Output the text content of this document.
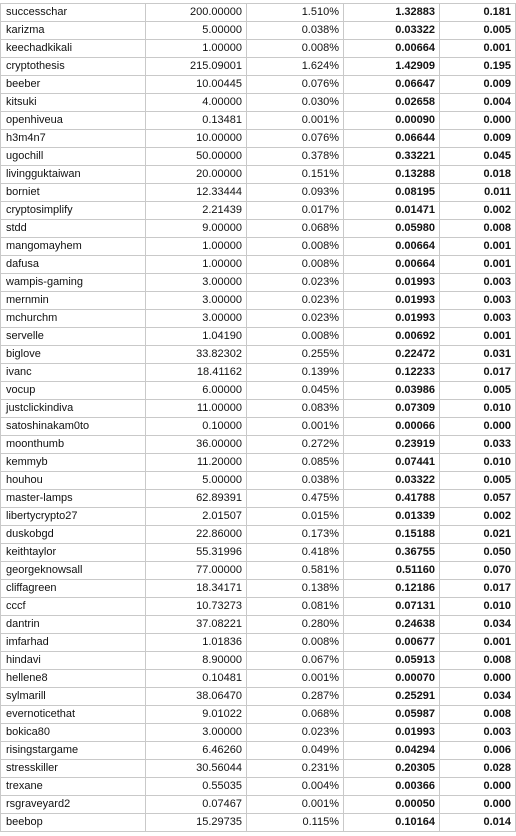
successchar	200.00000	1.510%	1.32883	0.181
karizma	5.00000	0.038%	0.03322	0.005
keechadkikali	1.00000	0.008%	0.00664	0.001
cryptothesis	215.09001	1.624%	1.42909	0.195
beeber	10.00445	0.076%	0.06647	0.009
kitsuki	4.00000	0.030%	0.02658	0.004
openhiveua	0.13481	0.001%	0.00090	0.000
h3m4n7	10.00000	0.076%	0.06644	0.009
ugochill	50.00000	0.378%	0.33221	0.045
livingguktaiwan	20.00000	0.151%	0.13288	0.018
borniet	12.33444	0.093%	0.08195	0.011
cryptosimplify	2.21439	0.017%	0.01471	0.002
stdd	9.00000	0.068%	0.05980	0.008
mangomayhem	1.00000	0.008%	0.00664	0.001
dafusa	1.00000	0.008%	0.00664	0.001
wampis-gaming	3.00000	0.023%	0.01993	0.003
mernmin	3.00000	0.023%	0.01993	0.003
mchurchm	3.00000	0.023%	0.01993	0.003
servelle	1.04190	0.008%	0.00692	0.001
biglove	33.82302	0.255%	0.22472	0.031
ivanc	18.41162	0.139%	0.12233	0.017
vocup	6.00000	0.045%	0.03986	0.005
justclickindiva	11.00000	0.083%	0.07309	0.010
satoshinakam0to	0.10000	0.001%	0.00066	0.000
moonthumb	36.00000	0.272%	0.23919	0.033
kemmyb	11.20000	0.085%	0.07441	0.010
houhou	5.00000	0.038%	0.03322	0.005
master-lamps	62.89391	0.475%	0.41788	0.057
libertycrypto27	2.01507	0.015%	0.01339	0.002
duskobgd	22.86000	0.173%	0.15188	0.021
keithtaylor	55.31996	0.418%	0.36755	0.050
georgeknowsall	77.00000	0.581%	0.51160	0.070
cliffagreen	18.34171	0.138%	0.12186	0.017
cccf	10.73273	0.081%	0.07131	0.010
dantrin	37.08221	0.280%	0.24638	0.034
imfarhad	1.01836	0.008%	0.00677	0.001
hindavi	8.90000	0.067%	0.05913	0.008
hellene8	0.10481	0.001%	0.00070	0.000
sylmarill	38.06470	0.287%	0.25291	0.034
evernoticethat	9.01022	0.068%	0.05987	0.008
bokica80	3.00000	0.023%	0.01993	0.003
risingstargame	6.46260	0.049%	0.04294	0.006
stresskiller	30.56044	0.231%	0.20305	0.028
trexane	0.55035	0.004%	0.00366	0.000
rsgraveyard2	0.07467	0.001%	0.00050	0.000
beebop	15.29735	0.115%	0.10164	0.014
